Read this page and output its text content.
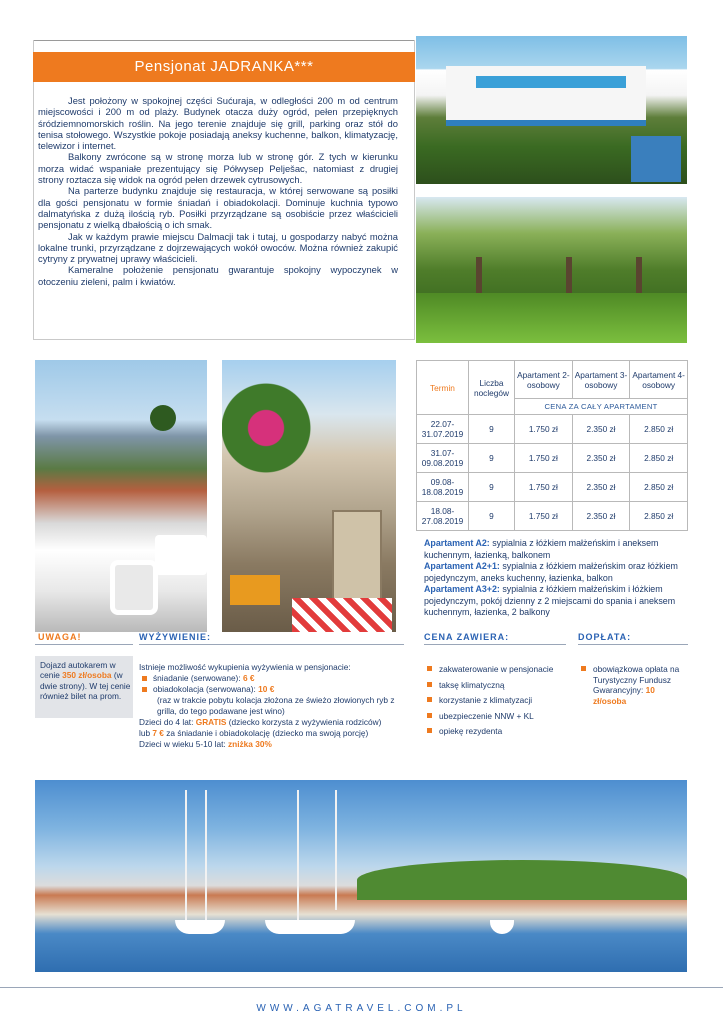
Pensjonat JADRANKA***

Jest położony w spokojnej części Sućuraja, w odległości 200 m od centrum miejscowości i 200 m od plaży. Budynek otacza duży ogród, pełen przepięknych śródziemnomorskich roślin. Na jego terenie znajduje się grill, parking oraz stół do tenisa stołowego. Wszystkie pokoje posiadają aneksy kuchenne, balkon, klimatyzację, telewizor i internet.

Balkony zwrócone są w stronę morza lub w stronę gór. Z tych w kierunku morza widać wspaniałe prezentujący się Półwysep Pelješac, natomiast z drugiej strony roztacza się widok na ogród pełen drzewek cytrusowych.

Na parterze budynku znajduje się restauracja, w której serwowane są posiłki dla gości pensjonatu w formie śniadań i obiadokolacji. Dominuje kuchnia typowo dalmatyńska z dużą ilością ryb. Posiłki przyrządzane są osobiście przez właścicieli pensjonatu z wielką dbałością o ich smak.

Jak w każdym prawie miejscu Dalmacji tak i tutaj, u gospodarzy nabyć można lokalne trunki, przyrządzane z dojrzewających wokół owoców. Można również zakupić cytryny z prywatnej uprawy właścicieli.

Kameralne położenie pensjonatu gwarantuje spokojny wypoczynek w otoczeniu zieleni, palm i kwiatów.

Termin	Liczba noclegów	Apartament 2-osobowy	Apartament 3-osobowy	Apartament 4-osobowy
		CENA ZA CAŁY APARTAMENT		
22.07-31.07.2019	9	1.750 zł	2.350 zł	2.850 zł
31.07-09.08.2019	9	1.750 zł	2.350 zł	2.850 zł
09.08-18.08.2019	9	1.750 zł	2.350 zł	2.850 zł
18.08-27.08.2019	9	1.750 zł	2.350 zł	2.850 zł
Apartament A2: sypialnia z łóżkiem małżeńskim i aneksem kuchennym, łazienką, balkonem
Apartament A2+1: sypialnia z łóżkiem małżeńskim oraz łóżkiem pojedynczym, aneks kuchenny, łazienka, balkon
Apartament A3+2: sypialnia z łóżkiem małżeńskim i łóżkiem pojedynczym, pokój dzienny z 2 miejscami do spania i aneksem kuchennym, łazienka, 2 balkony
UWAGA!	WYŻYWIENIE:	CENA ZAWIERA:	DOPŁATA:
Dojazd autokarem w cenie 350 zł/osoba (w dwie strony). W tej cenie również bilet na prom.
Istnieje możliwość wykupienia wyżywienia w pensjonacie:
śniadanie (serwowane): 6 €
obiadokolacja (serwowana): 10 €
(raz w trakcie pobytu kolacja złożona ze świeżo złowionych ryb z grilla, do tego podawane jest wino)
Dzieci do 4 lat: GRATIS (dziecko korzysta z wyżywienia rodziców)
lub 7 € za śniadanie i obiadokolację (dziecko ma swoją porcję)
Dzieci w wieku 5-10 lat: zniżka 30%
zakwaterowanie w pensjonacie
taksę klimatyczną
korzystanie z klimatyzacji
ubezpieczenie NNW + KL
opiekę rezydenta
obowiązkowa opłata na Turystyczny Fundusz Gwarancyjny: 10 zł/osoba
WWW.AGATRAVEL.COM.PL
